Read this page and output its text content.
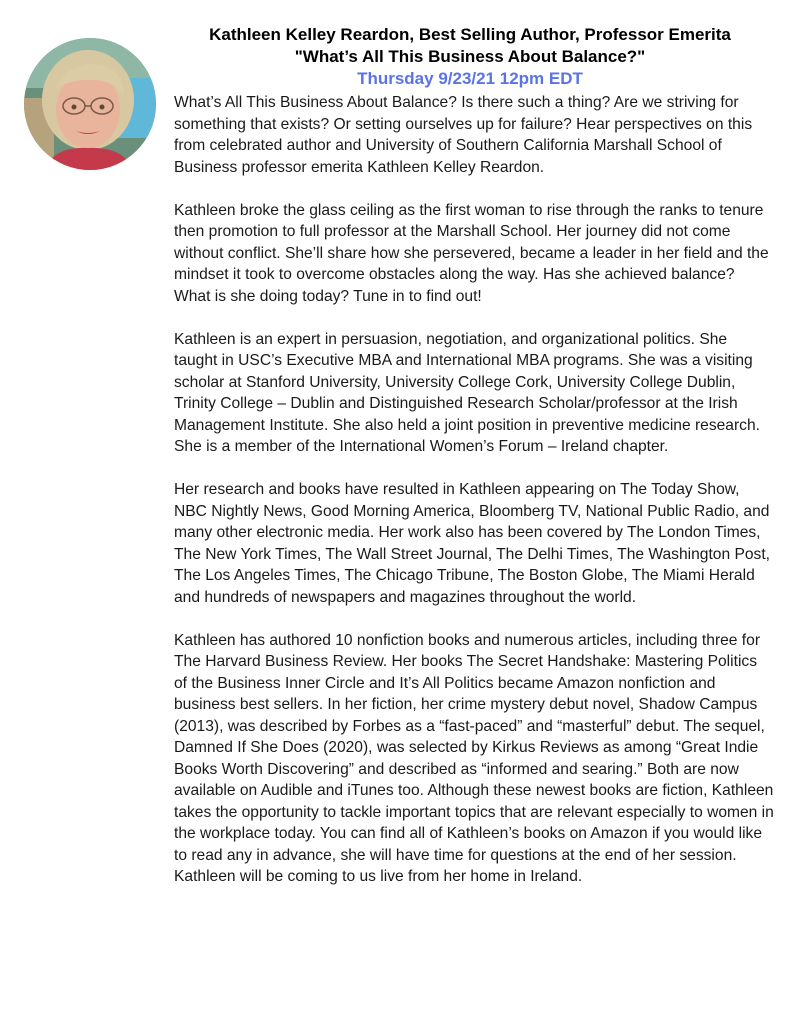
Kathleen Kelley Reardon, Best Selling Author, Professor Emerita
"What’s All This Business About Balance?"
Thursday 9/23/21 12pm EDT

What’s All This Business About Balance? Is there such a thing? Are we striving for something that exists? Or setting ourselves up for failure? Hear perspectives on this from celebrated author and University of Southern California Marshall School of Business professor emerita Kathleen Kelley Reardon.

Kathleen broke the glass ceiling as the first woman to rise through the ranks to tenure then promotion to full professor at the Marshall School. Her journey did not come without conflict. She’ll share how she persevered, became a leader in her field and the mindset it took to overcome obstacles along the way. Has she achieved balance? What is she doing today? Tune in to find out!

Kathleen is an expert in persuasion, negotiation, and organizational politics. She taught in USC’s Executive MBA and International MBA programs. She was a visiting scholar at Stanford University, University College Cork, University College Dublin, Trinity College – Dublin and Distinguished Research Scholar/professor at the Irish Management Institute. She also held a joint position in preventive medicine research. She is a member of the International Women’s Forum – Ireland chapter.

Her research and books have resulted in Kathleen appearing on The Today Show, NBC Nightly News, Good Morning America, Bloomberg TV, National Public Radio, and many other electronic media. Her work also has been covered by The London Times, The New York Times, The Wall Street Journal, The Delhi Times, The Washington Post, The Los Angeles Times, The Chicago Tribune, The Boston Globe, The Miami Herald and hundreds of newspapers and magazines throughout the world.

Kathleen has authored 10 nonfiction books and numerous articles, including three for The Harvard Business Review. Her books The Secret Handshake: Mastering Politics of the Business Inner Circle and It’s All Politics became Amazon nonfiction and business best sellers. In her fiction, her crime mystery debut novel, Shadow Campus (2013), was described by Forbes as a “fast-paced” and “masterful” debut. The sequel, Damned If She Does (2020), was selected by Kirkus Reviews as among “Great Indie Books Worth Discovering” and described as “informed and searing.” Both are now available on Audible and iTunes too. Although these newest books are fiction, Kathleen takes the opportunity to tackle important topics that are relevant especially to women in the workplace today. You can find all of Kathleen’s books on Amazon if you would like to read any in advance, she will have time for questions at the end of her session. Kathleen will be coming to us live from her home in Ireland.
